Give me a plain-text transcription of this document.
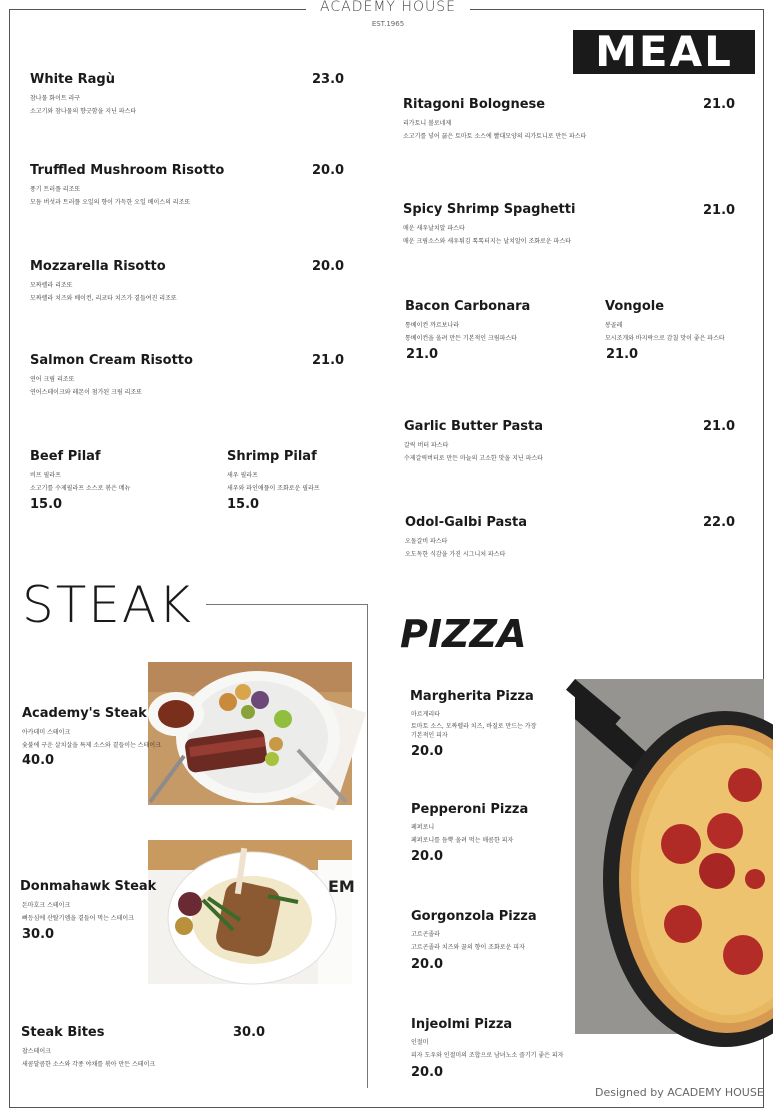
ACADEMY HOUSE
EST.1965
MEAL
White Ragù	23.0
참나물 화이트 라구
소고기와 참나물의 향긋함을 지닌 파스타
Truffled Mushroom Risotto	20.0
풍기 트러플 리조또
모듬 버섯과 트러플 오일의 향이 가득한 오일 베이스의 리조또
Mozzarella Risotto	20.0
모짜렐라 리조또
모짜렐라 치즈와 베이컨, 리코타 치즈가 곁들여진 리조또
Salmon Cream Risotto	21.0
연어 크림 리조또
연어스테이크와 레몬이 첨가된 크림 리조또
Beef Pilaf
비프 필라프
소고기를 수제필라프 소스로 볶은 메뉴
15.0
Shrimp Pilaf
새우 필라프
새우와 파인애플이 조화로운 필라프
15.0
Ritagoni Bolognese	21.0
리가토니 볼로네제
소고기를 넣어 끓은 토마토 소스에 빨대모양의 리가토니로 만든 파스타
Spicy Shrimp Spaghetti	21.0
매운 새우날치알 파스타
매운 크림소스와 새우튀김 톡톡터지는 날치알이 조화로운 파스타
Bacon Carbonara
통베이컨 까르보나라
통베이컨을 올려 만든 기본적인 크림파스타
21.0
Vongole
봉골레
모시조개와 바지락으로 감칠 맛이 좋은 파스타
21.0
Garlic Butter Pasta	21.0
갈릭 버터 파스타
수제갈릭버터로 만든 마늘의 고소한 맛을 지닌 파스타
Odol-Galbi Pasta	22.0
오돌갈비 파스타
오도독한 식감을 가진 시그니처 파스타
STEAK
Academy's Steak
아카데미 스테이크
숯불에 구운 살치살을 특제 소스와 곁들이는 스테이크
40.0
EM
Donmahawk Steak
돈마호크 스테이크
뼈등심에 산탈기엠을 곁들어 먹는 스테이크
30.0
Steak Bites	30.0
찹스테이크
새콤달콤한 소스와 각종 야채를 볶아 만든 스테이크
PIZZA
Margherita Pizza
마르게리타
토마토 소스, 모짜렐라 치즈, 바질로 만드는 가장 기본적인 피자
20.0
Pepperoni Pizza
페퍼로니
페퍼로니를 듬뿍 올려 먹는 매콤한 피자
20.0
Gorgonzola Pizza
고르곤졸라
고르곤졸라 치즈와 꿀의 향이 조화로운 피자
20.0
Injeolmi Pizza
인절미
피자 도우와 인절미의 조합으로 남녀노소 즐기기 좋은 피자
20.0
Designed by ACADEMY HOUSE
